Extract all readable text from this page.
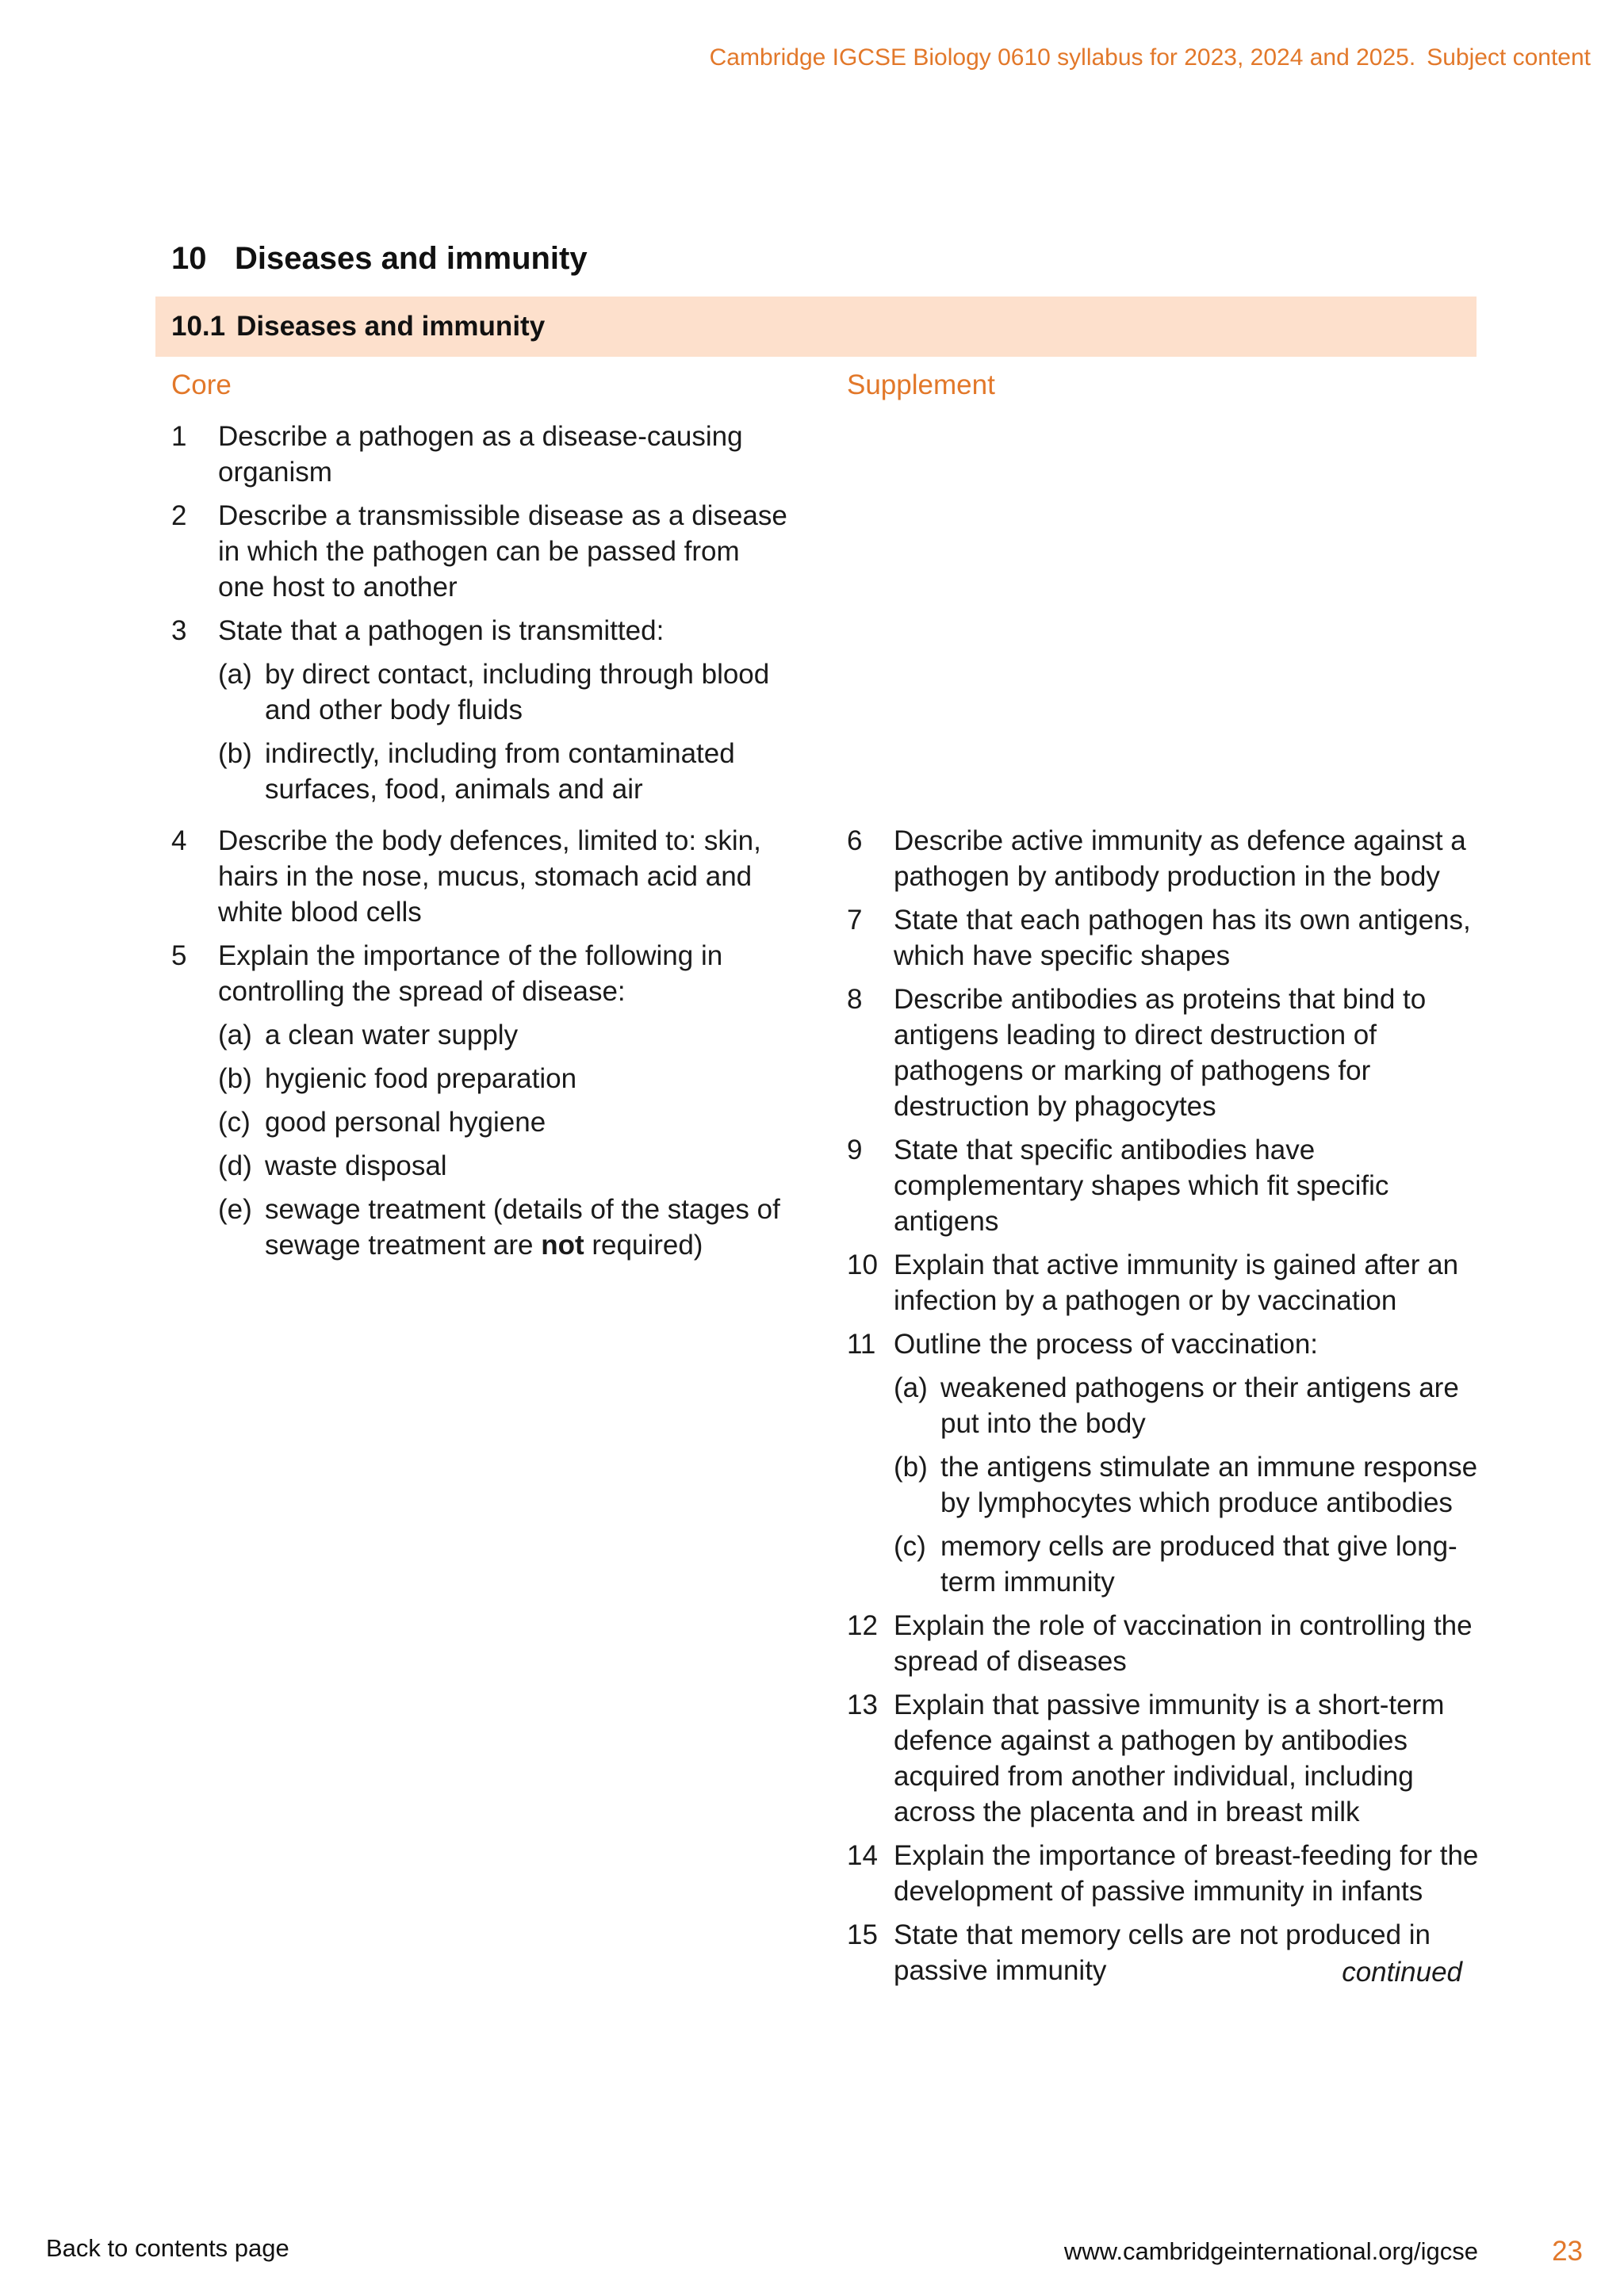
Cambridge IGCSE Biology 0610 syllabus for 2023, 2024 and 2025. Subject content
10 Diseases and immunity
10.1 Diseases and immunity
Core	Supplement
1	Describe a pathogen as a disease-causing organism
2	Describe a transmissible disease as a disease in which the pathogen can be passed from one host to another
3	State that a pathogen is transmitted:
(a) by direct contact, including through blood and other body fluids
(b) indirectly, including from contaminated surfaces, food, animals and air
4	Describe the body defences, limited to: skin, hairs in the nose, mucus, stomach acid and white blood cells
5	Explain the importance of the following in controlling the spread of disease:
(a) a clean water supply
(b) hygienic food preparation
(c) good personal hygiene
(d) waste disposal
(e) sewage treatment (details of the stages of sewage treatment are not required)
6	Describe active immunity as defence against a pathogen by antibody production in the body
7	State that each pathogen has its own antigens, which have specific shapes
8	Describe antibodies as proteins that bind to antigens leading to direct destruction of pathogens or marking of pathogens for destruction by phagocytes
9	State that specific antibodies have complementary shapes which fit specific antigens
10 Explain that active immunity is gained after an infection by a pathogen or by vaccination
11 Outline the process of vaccination:
(a) weakened pathogens or their antigens are put into the body
(b) the antigens stimulate an immune response by lymphocytes which produce antibodies
(c) memory cells are produced that give long-term immunity
12 Explain the role of vaccination in controlling the spread of diseases
13 Explain that passive immunity is a short-term defence against a pathogen by antibodies acquired from another individual, including across the placenta and in breast milk
14 Explain the importance of breast-feeding for the development of passive immunity in infants
15 State that memory cells are not produced in passive immunity	continued
Back to contents page	www.cambridgeinternational.org/igcse	23
